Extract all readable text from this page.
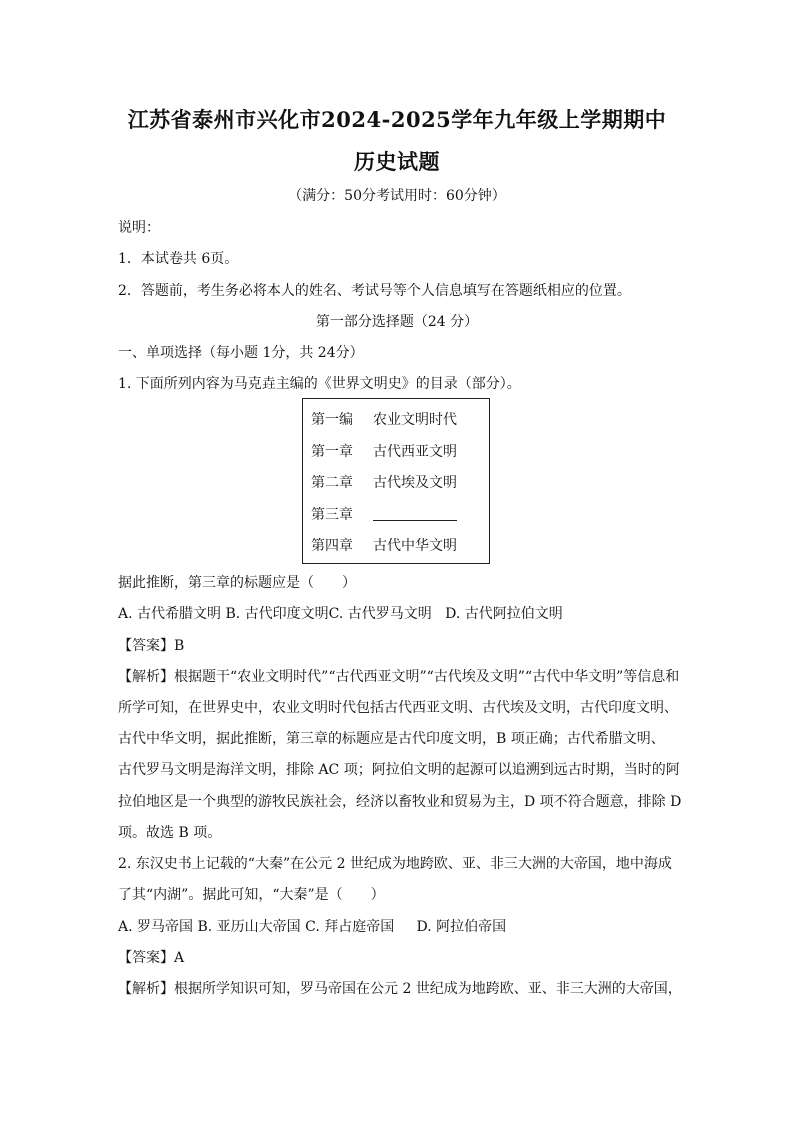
江苏省泰州市兴化市2024-2025学年九年级上学期期中
历史试题
（满分：50分考试用时：60分钟）
说明：
1．本试卷共 6页。
2．答题前，考生务必将本人的姓名、考试号等个人信息填写在答题纸相应的位置。
第一部分选择题（24 分）
一、单项选择（每小题 1分，共 24分）
1. 下面所列内容为马克垚主编的《世界文明史》的目录（部分）。
第一编 农业文明时代
第一章 古代西亚文明
第二章 古代埃及文明
第三章
第四章 古代中华文明
据此推断，第三章的标题应是（　　）
A. 古代希腊文明 B. 古代印度文明C. 古代罗马文明 D. 古代阿拉伯文明
【答案】B
【解析】根据题干“农业文明时代”“古代西亚文明”“古代埃及文明”“古代中华文明”等信息和
所学可知，在世界史中，农业文明时代包括古代西亚文明、古代埃及文明，古代印度文明、
古代中华文明，据此推断，第三章的标题应是古代印度文明，B 项正确；古代希腊文明、
古代罗马文明是海洋文明，排除 AC 项；阿拉伯文明的起源可以追溯到远古时期，当时的阿
拉伯地区是一个典型的游牧民族社会，经济以畜牧业和贸易为主，D 项不符合题意，排除 D
项。故选 B 项。
2. 东汉史书上记载的“大秦”在公元 2 世纪成为地跨欧、亚、非三大洲的大帝国，地中海成
了其“内湖”。据此可知，“大秦”是（　　）
A. 罗马帝国 B. 亚历山大帝国 C. 拜占庭帝国 D. 阿拉伯帝国
【答案】A
【解析】根据所学知识可知，罗马帝国在公元 2 世纪成为地跨欧、亚、非三大洲的大帝国，
